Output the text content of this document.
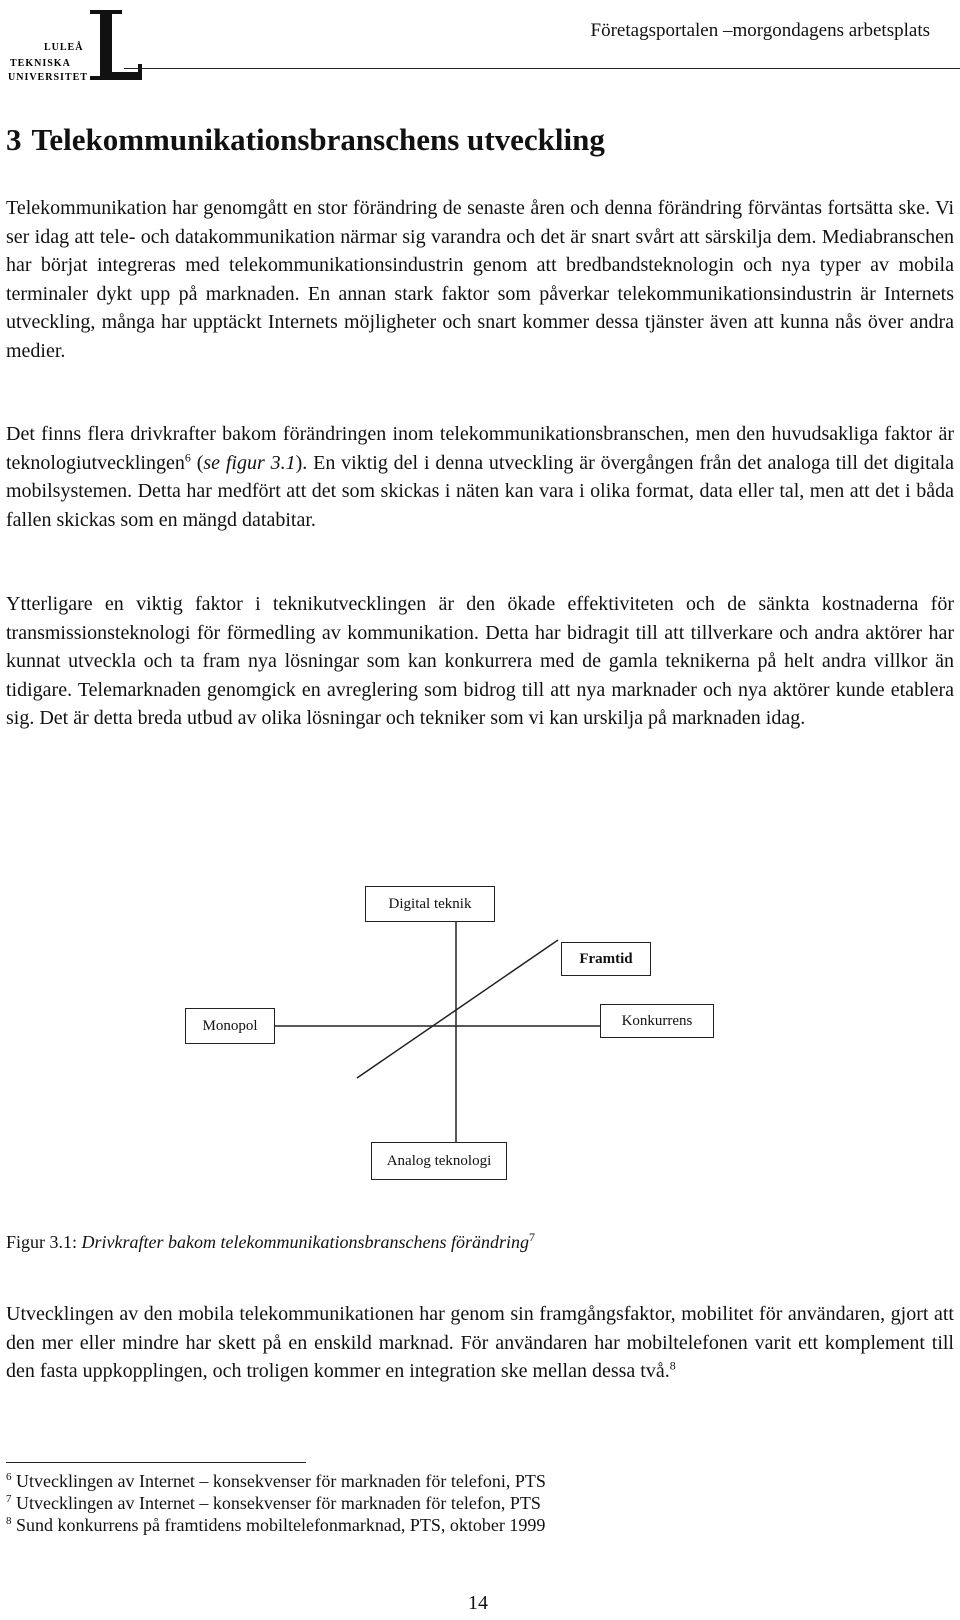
LULEÅ
TEKNISKA
UNIVERSITET
Företagsportalen –morgondagens arbetsplats
3 Telekommunikationsbranschens utveckling

Telekommunikation har genomgått en stor förändring de senaste åren och denna förändring förväntas fortsätta ske. Vi ser idag att tele- och datakommunikation närmar sig varandra och det är snart svårt att särskilja dem. Mediabranschen har börjat integreras med telekommunikationsindustrin genom att bredbandsteknologin och nya typer av mobila terminaler dykt upp på marknaden. En annan stark faktor som påverkar telekommunikationsindustrin är Internets utveckling, många har upptäckt Internets möjligheter och snart kommer dessa tjänster även att kunna nås över andra medier.

Det finns flera drivkrafter bakom förändringen inom telekommunikationsbranschen, men den huvudsakliga faktor är teknologiutvecklingen$^6$ (se figur 3.1). En viktig del i denna utveckling är övergången från det analoga till det digitala mobilsystemen. Detta har medfört att det som skickas i näten kan vara i olika format, data eller tal, men att det i båda fallen skickas som en mängd databitar.

Ytterligare en viktig faktor i teknikutvecklingen är den ökade effektiviteten och de sänkta kostnaderna för transmissionsteknologi för förmedling av kommunikation. Detta har bidragit till att tillverkare och andra aktörer har kunnat utveckla och ta fram nya lösningar som kan konkurrera med de gamla teknikerna på helt andra villkor än tidigare. Telemarknaden genomgick en avreglering som bidrog till att nya marknader och nya aktörer kunde etablera sig. Det är detta breda utbud av olika lösningar och tekniker som vi kan urskilja på marknaden idag.

Digital teknik
Framtid
Monopol	Konkurrens
Analog teknologi
Figur 3.1: Drivkrafter bakom telekommunikationsbranschens förändring$^7$

Utvecklingen av den mobila telekommunikationen har genom sin framgångsfaktor, mobilitet för användaren, gjort att den mer eller mindre har skett på en enskild marknad. För användaren har mobiltelefonen varit ett komplement till den fasta uppkopplingen, och troligen kommer en integration ske mellan dessa två.$^8$

$^6$ Utvecklingen av Internet – konsekvenser för marknaden för telefoni, PTS
$^7$ Utvecklingen av Internet – konsekvenser för marknaden för telefon, PTS
$^8$ Sund konkurrens på framtidens mobiltelefonmarknad, PTS, oktober 1999
14
